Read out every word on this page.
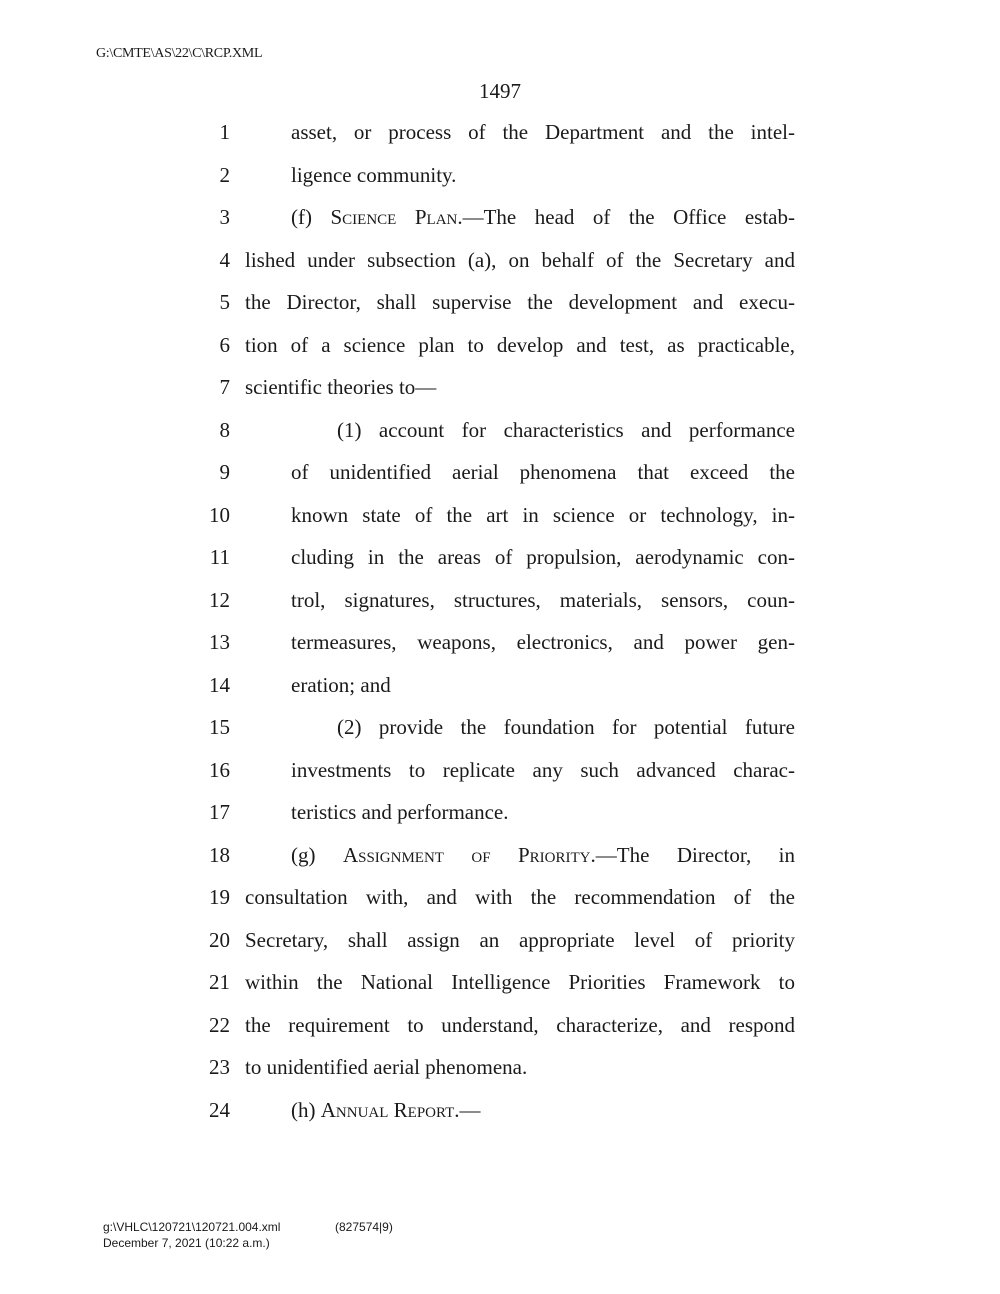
G:\CMTE\AS\22\C\RCP.XML
1497
1	asset, or process of the Department and the intel-
2	ligence community.
3	(f) Science Plan.—The head of the Office estab-
4 lished under subsection (a), on behalf of the Secretary and
5 the Director, shall supervise the development and execu-
6 tion of a science plan to develop and test, as practicable,
7 scientific theories to—
8	(1) account for characteristics and performance
9	of unidentified aerial phenomena that exceed the
10	known state of the art in science or technology, in-
11	cluding in the areas of propulsion, aerodynamic con-
12	trol, signatures, structures, materials, sensors, coun-
13	termeasures, weapons, electronics, and power gen-
14	eration; and
15	(2) provide the foundation for potential future
16	investments to replicate any such advanced charac-
17	teristics and performance.
18	(g) Assignment of Priority.—The Director, in
19 consultation with, and with the recommendation of the
20 Secretary, shall assign an appropriate level of priority
21 within the National Intelligence Priorities Framework to
22 the requirement to understand, characterize, and respond
23 to unidentified aerial phenomena.
24	(h) Annual Report.—
g:\VHLC\120721\120721.004.xml	(827574|9)
December 7, 2021 (10:22 a.m.)
